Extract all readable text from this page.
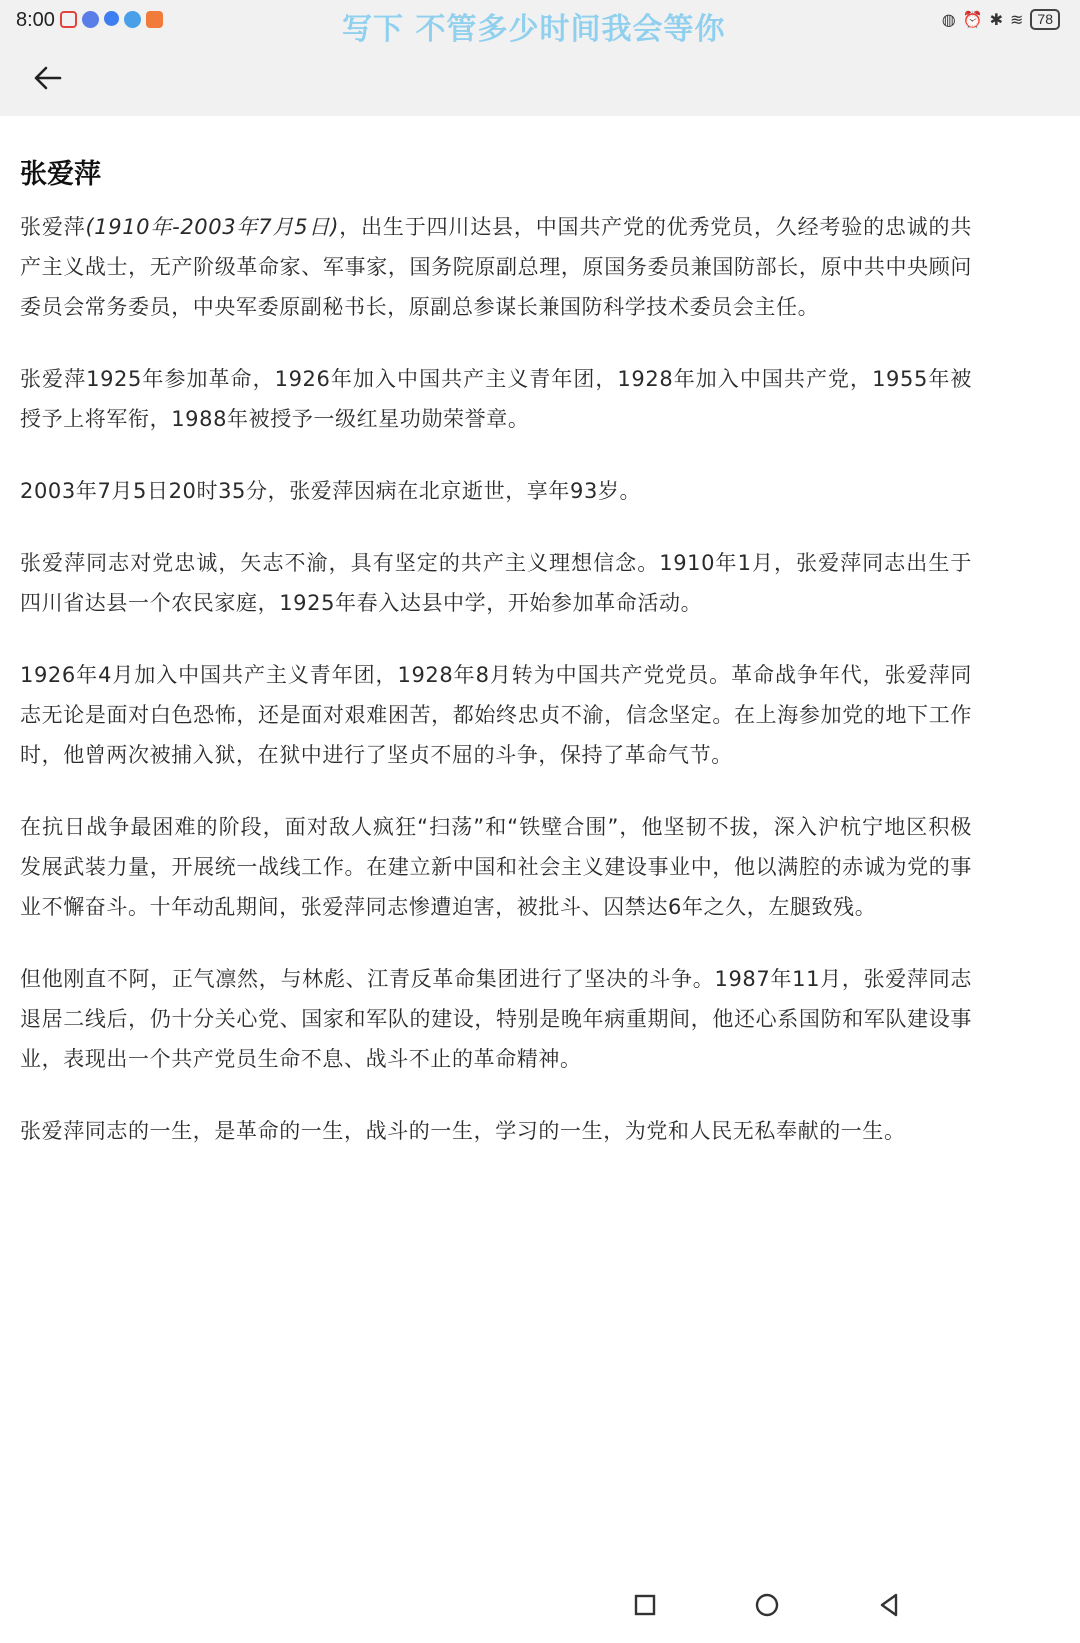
8:00	写下 不管多少时间我会等你	◍ ⏰ ✱ ≋	78
张爱萍

张爱萍(1910年-2003年7月5日)，出生于四川达县，中国共产党的优秀党员，久经考验的忠诚的共产主义战士，无产阶级革命家、军事家，国务院原副总理，原国务委员兼国防部长，原中共中央顾问委员会常务委员，中央军委原副秘书长，原副总参谋长兼国防科学技术委员会主任。

张爱萍1925年参加革命，1926年加入中国共产主义青年团，1928年加入中国共产党，1955年被授予上将军衔，1988年被授予一级红星功勋荣誉章。

2003年7月5日20时35分，张爱萍因病在北京逝世，享年93岁。

张爱萍同志对党忠诚，矢志不渝，具有坚定的共产主义理想信念。1910年1月，张爱萍同志出生于四川省达县一个农民家庭，1925年春入达县中学，开始参加革命活动。

1926年4月加入中国共产主义青年团，1928年8月转为中国共产党党员。革命战争年代，张爱萍同志无论是面对白色恐怖，还是面对艰难困苦，都始终忠贞不渝，信念坚定。在上海参加党的地下工作时，他曾两次被捕入狱，在狱中进行了坚贞不屈的斗争，保持了革命气节。

在抗日战争最困难的阶段，面对敌人疯狂“扫荡”和“铁壁合围”，他坚韧不拔，深入沪杭宁地区积极发展武装力量，开展统一战线工作。在建立新中国和社会主义建设事业中，他以满腔的赤诚为党的事业不懈奋斗。十年动乱期间，张爱萍同志惨遭迫害，被批斗、囚禁达6年之久，左腿致残。

但他刚直不阿，正气凛然，与林彪、江青反革命集团进行了坚决的斗争。1987年11月，张爱萍同志退居二线后，仍十分关心党、国家和军队的建设，特别是晚年病重期间，他还心系国防和军队建设事业，表现出一个共产党员生命不息、战斗不止的革命精神。

张爱萍同志的一生，是革命的一生，战斗的一生，学习的一生，为党和人民无私奉献的一生。
